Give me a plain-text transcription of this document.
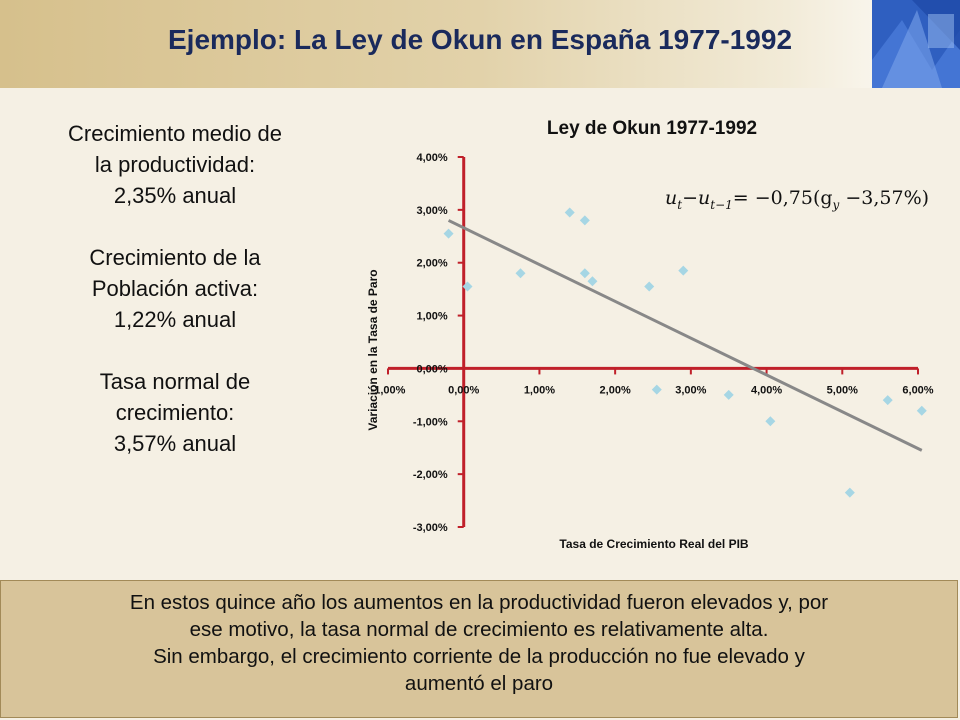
Ejemplo: La Ley de Okun en España 1977-1992

Crecimiento medio de

la productividad:

2,35% anual

Crecimiento de la

Población activa:

1,22% anual

Tasa normal de

crecimiento:

3,57% anual

Ley de Okun 1977-1992
Tasa de Crecimiento Real del PIB
Variación en la Tasa de Paro
$u_t-u_{t-1}= -0,75(g_y -3,57\%)$
-3,00%
-2,00%
-1,00%
0,00%
1,00%
2,00%
3,00%
4,00%
-1,00%	0,00%	1,00%	2,00%	3,00%	4,00%	5,00%	6,00%

En estos quince año los aumentos en la productividad fueron elevados y, por

ese motivo, la tasa normal de crecimiento es relativamente alta.

Sin embargo, el crecimiento corriente de la producción no fue elevado y

aumentó el paro
